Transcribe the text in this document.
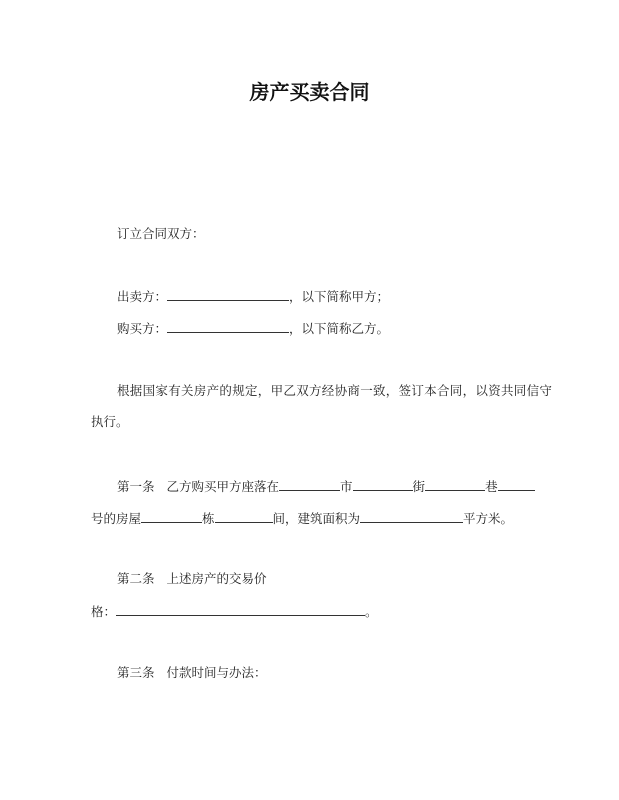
房产买卖合同
订立合同双方：
出卖方：	，以下简称甲方；
购买方：	，以下简称乙方。
根据国家有关房产的规定，甲乙双方经协商一致，签订本合同，以资共同信守
执行。
第一条 乙方购买甲方座落在	市	街	巷
号的房屋	栋	间，建筑面积为	平方米。
第二条 上述房产的交易价
格：	。
第三条 付款时间与办法：
